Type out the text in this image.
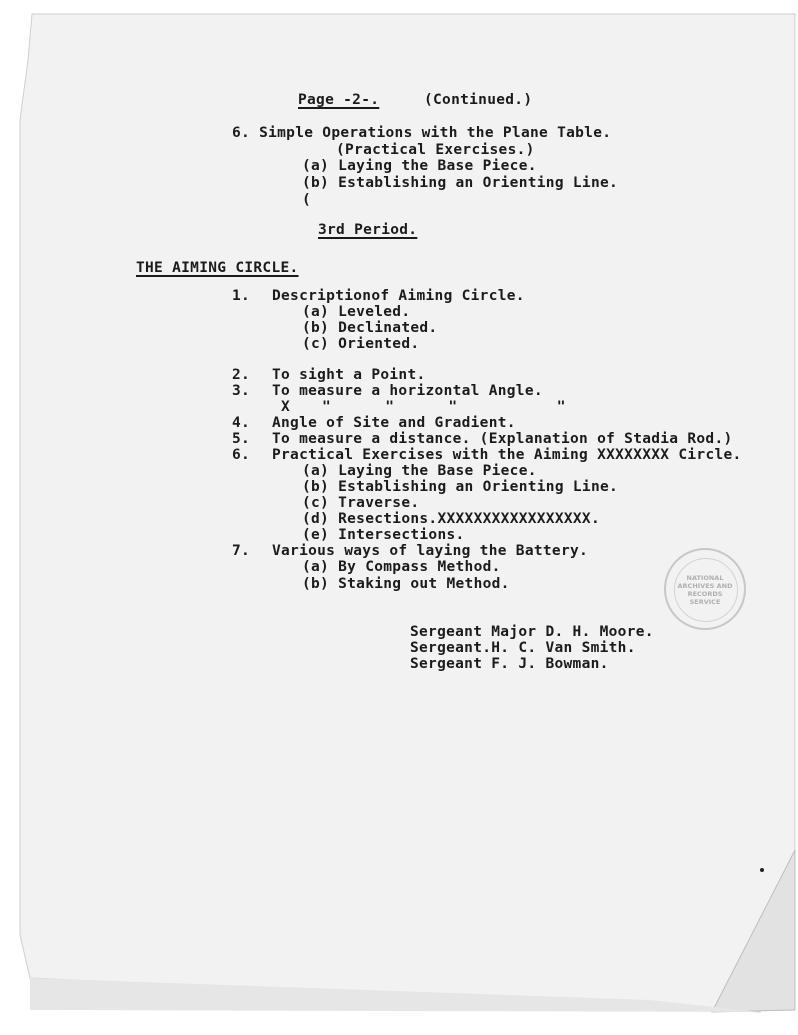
Page -2-.	(Continued.)
6. Simple Operations with the Plane Table.
(Practical Exercises.)
(a) Laying the Base Piece.
(b) Establishing an Orienting Line.
(
3rd Period.
THE AIMING CIRCLE.
1. Descriptionof Aiming Circle.
(a) Leveled.
(b) Declinated.
(c) Oriented.
2. To sight a Point.
3. To measure a horizontal Angle.
X "      "      "           "
4. Angle of Site and Gradient.
5. To measure a distance. (Explanation of Stadia Rod.)
6. Practical Exercises with the Aiming XXXXXXXX Circle.
(a) Laying the Base Piece.
(b) Establishing an Orienting Line.
(c) Traverse.
(d) Resections.XXXXXXXXXXXXXXXXX.
(e) Intersections.
7. Various ways of laying the Battery.
(a) By Compass Method.
(b) Staking out Method.	NATIONAL
ARCHIVES AND
RECORDS
SERVICE
Sergeant Major D. H. Moore.
Sergeant.H. C. Van Smith.
Sergeant F. J. Bowman.
